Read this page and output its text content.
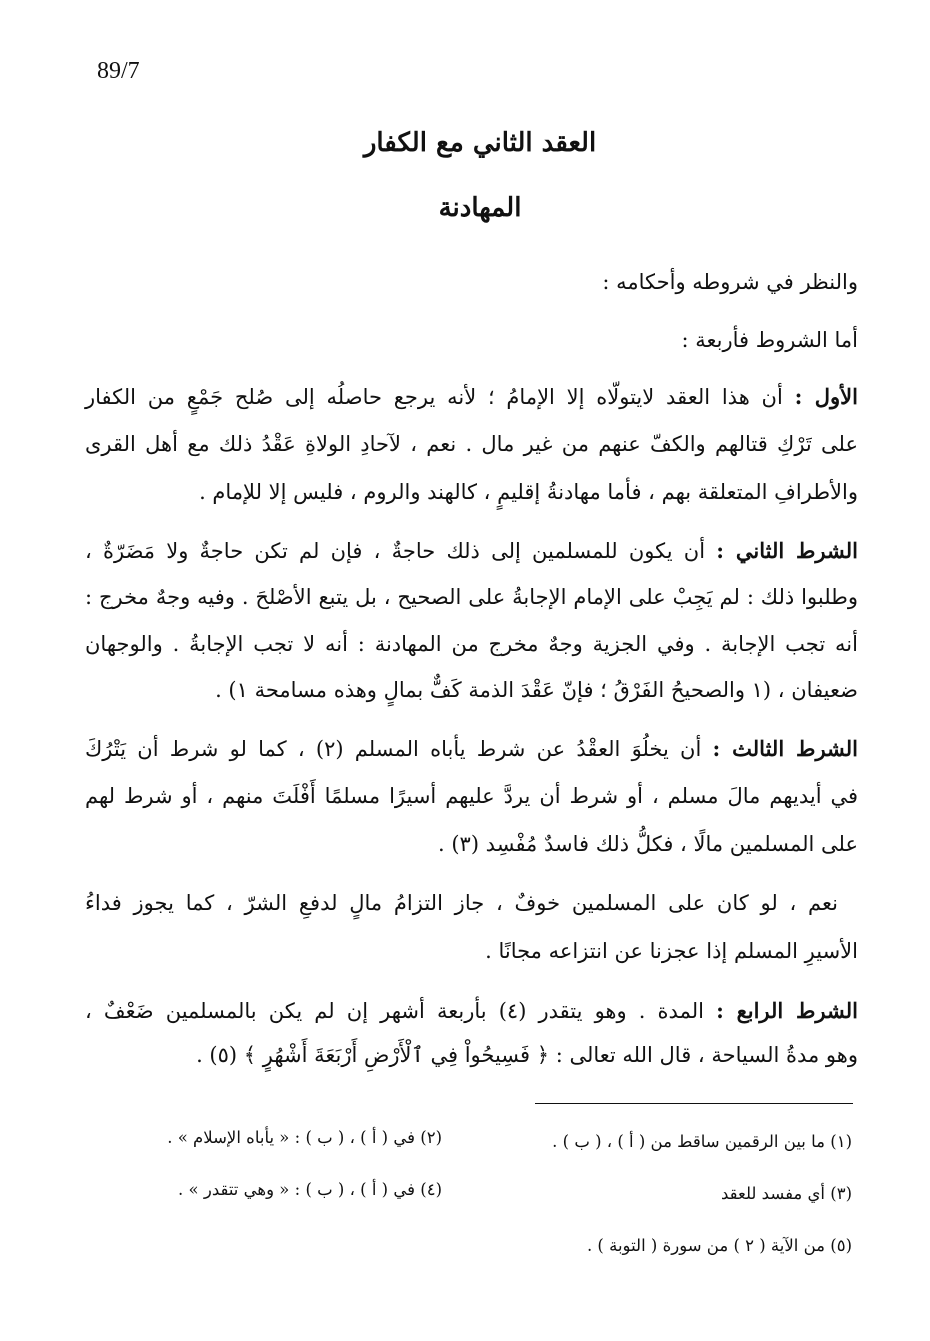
89/7
العقد الثاني مع الكفار
المهادنة
والنظر في شروطه وأحكامه :
أما الشروط فأربعة :
الأول : أن هذا العقد لايتولّاه إلا الإمامُ ؛ لأنه يرجع حاصلُه إلى صُلح جَمْعٍ من الكفار
على تَرْكِ قتالهم والكفّ عنهم من غير مال . نعم ، لآحادِ الولاةِ عَقْدُ ذلك مع أهل القرى
والأطرافِ المتعلقة بهم ، فأما مهادنةُ إقليمٍ ، كالهند والروم ، فليس إلا للإمام .
الشرط الثاني : أن يكون للمسلمين إلى ذلك حاجةٌ ، فإن لم تكن حاجةٌ ولا مَضَرّةٌ ،
وطلبوا ذلك : لم يَجِبْ على الإمام الإجابةُ على الصحيح ، بل يتبع الأصْلحَ . وفيه وجهٌ مخرج :
أنه تجب الإجابة . وفي الجزية وجهٌ مخرج من المهادنة : أنه لا تجب الإجابةُ . والوجهان
ضعيفان ، (١ والصحيحُ الفَرْقُ ؛ فإنّ عَقْدَ الذمة كَفٌّ بمالٍ وهذه مسامحة ١) .
الشرط الثالث : أن يخلُوَ العقْدُ عن شرط يأباه المسلم (٢) ، كما لو شرط أن يَتْرُكَ
في أيديهم مالَ مسلم ، أو شرط أن يردَّ عليهم أسيرًا مسلمًا أَفْلَتَ منهم ، أو شرط لهم
على المسلمين مالًا ، فكلُّ ذلك فاسدٌ مُفْسِد (٣) .
نعم ، لو كان على المسلمين خوفٌ ، جاز التزامُ مالٍ لدفعِ الشرّ ، كما يجوز فداءُ
الأسيرِ المسلم إذا عجزنا عن انتزاعه مجانًا .
الشرط الرابع : المدة . وهو يتقدر (٤) بأربعة أشهر إن لم يكن بالمسلمين ضَعْفٌ ،
وهو مدةُ السياحة ، قال الله تعالى : ﴿ فَسِيحُواْ فِي ٱلْأَرْضِ أَرْبَعَةَ أَشْهُرٍ ﴾ (٥) .
(١) ما بين الرقمين ساقط من ( أ ) ، ( ب ) .
(٢) في ( أ ) ، ( ب ) : « يأباه الإسلام » .
(٣) أي مفسد للعقد
(٤) في ( أ ) ، ( ب ) : « وهي تتقدر » .
(٥) من الآية ( ٢ ) من سورة ( التوبة ) .
